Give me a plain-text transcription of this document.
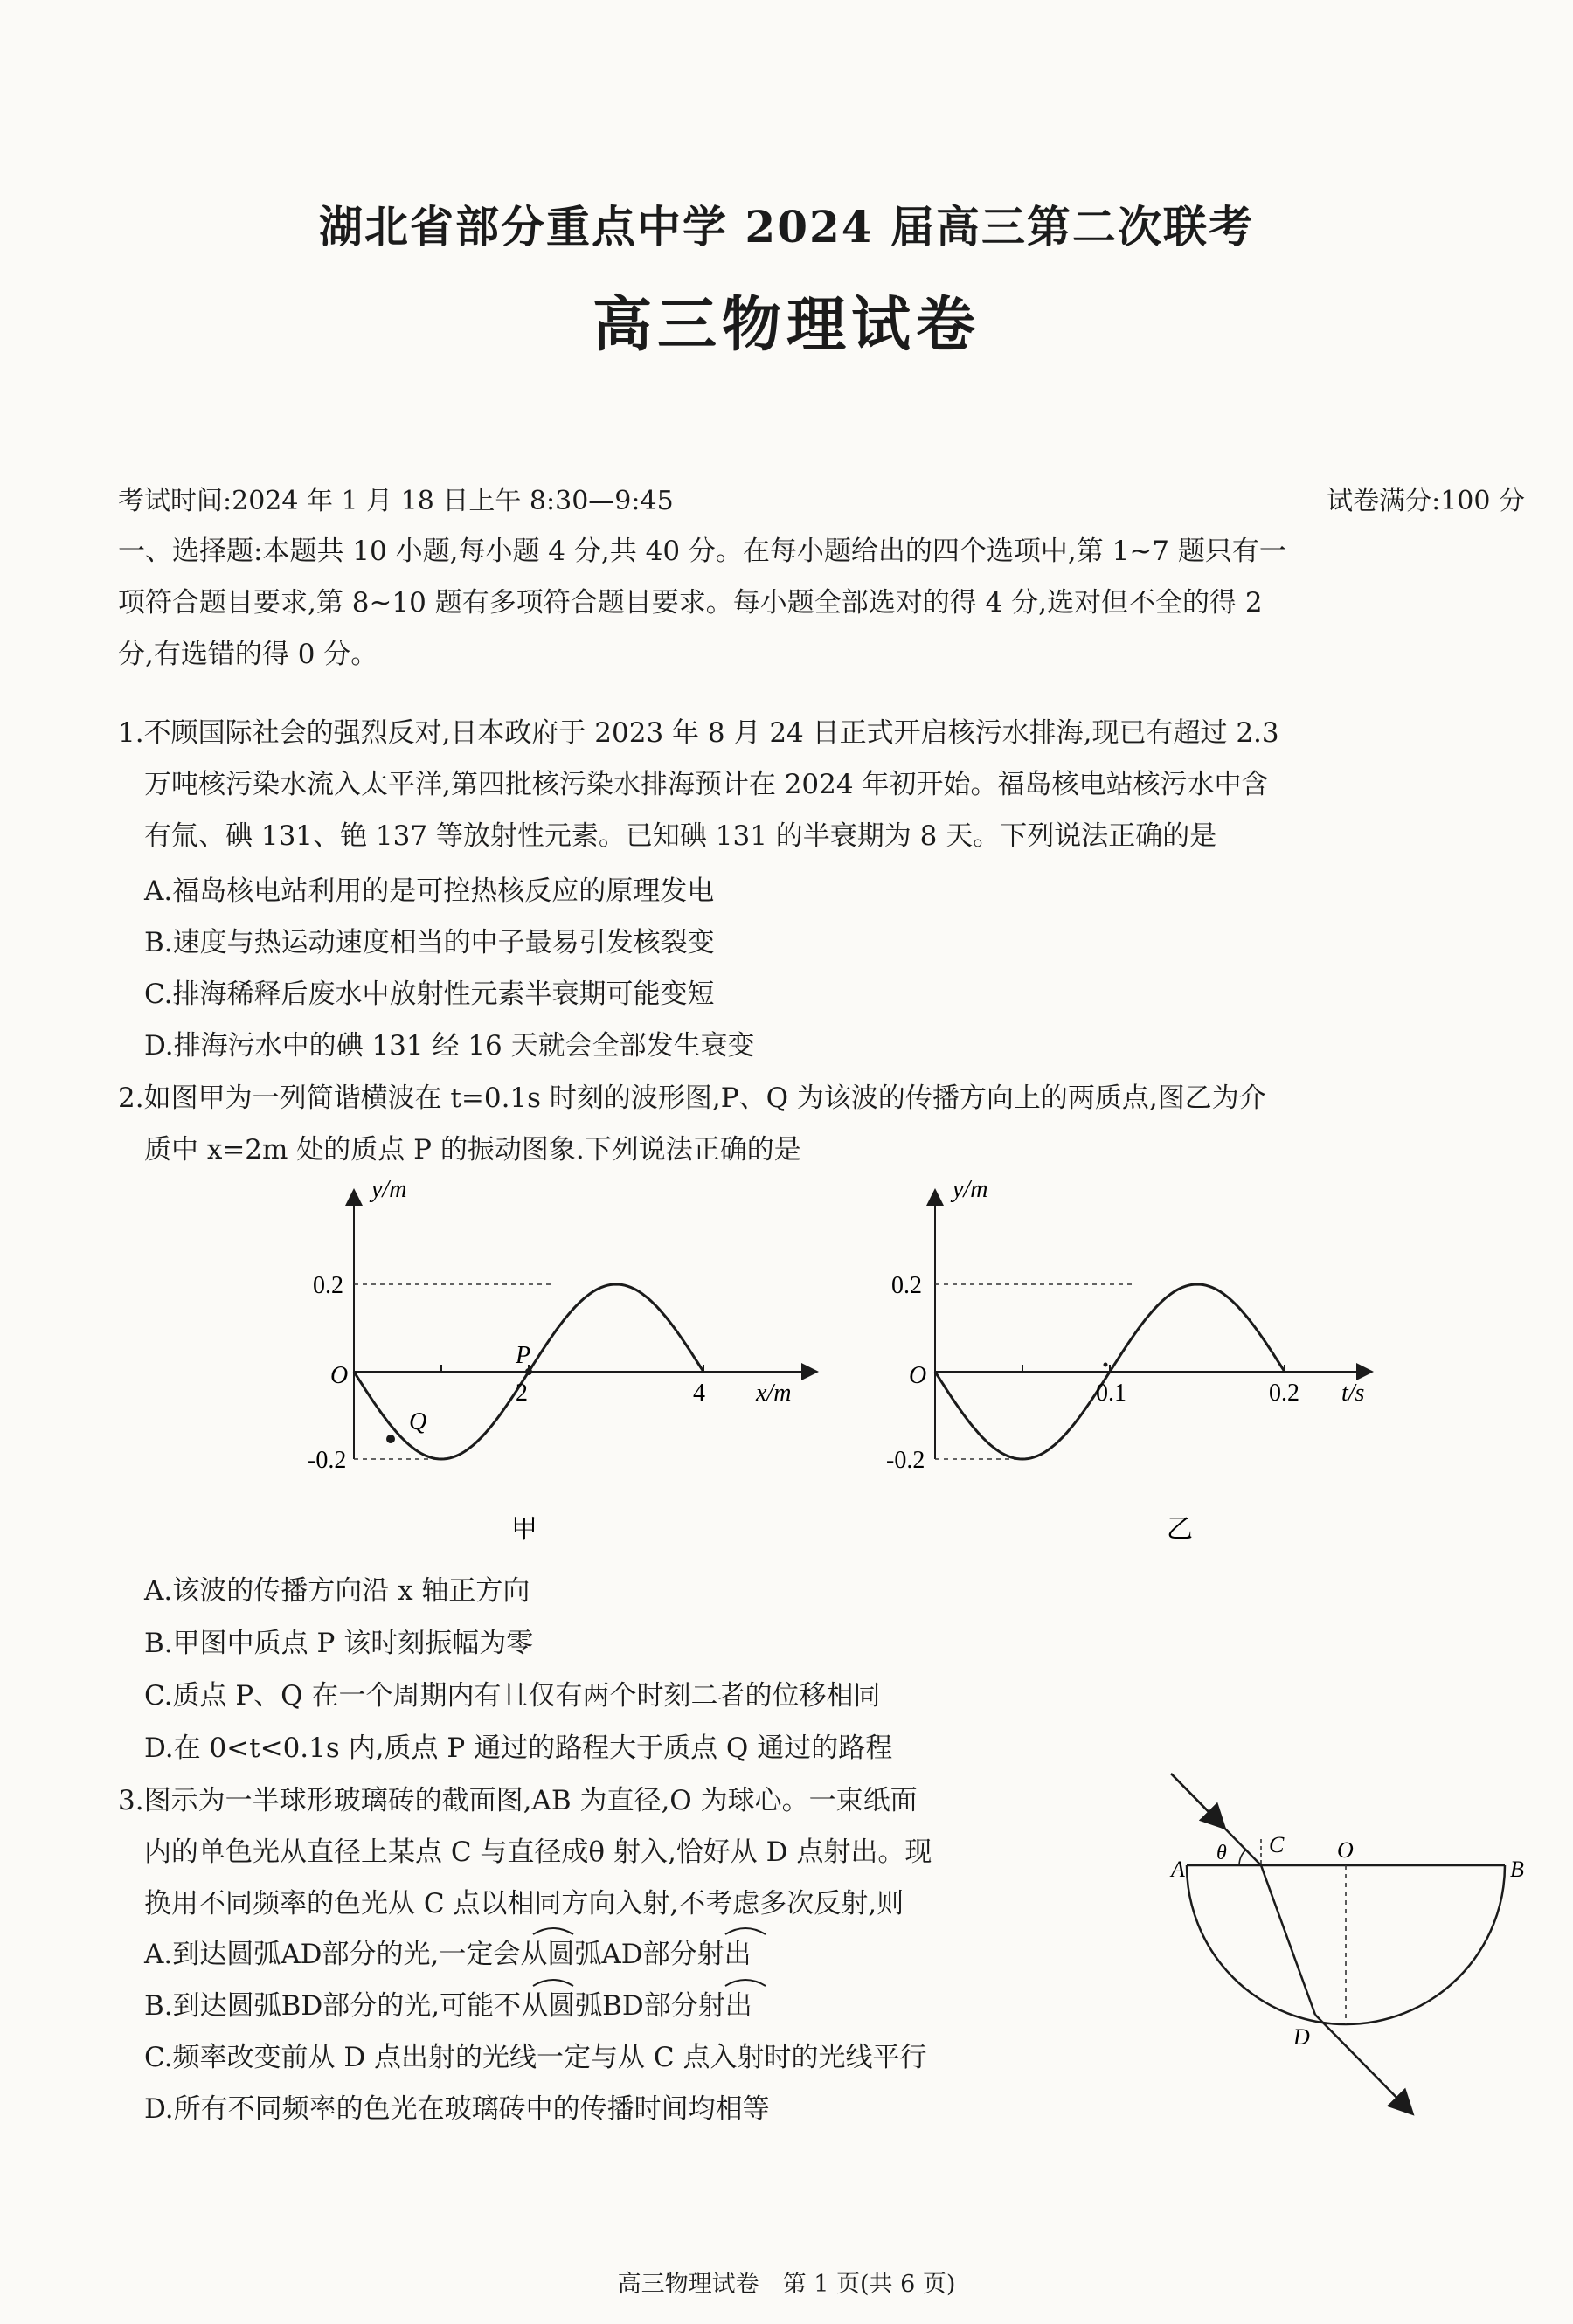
湖北省部分重点中学 2024 届高三第二次联考
高三物理试卷
考试时间:2024 年 1 月 18 日上午 8:30—9:45	试卷满分:100 分
一、选择题:本题共 10 小题,每小题 4 分,共 40 分。在每小题给出的四个选项中,第 1~7 题只有一
项符合题目要求,第 8~10 题有多项符合题目要求。每小题全部选对的得 4 分,选对但不全的得 2
分,有选错的得 0 分。
1.不顾国际社会的强烈反对,日本政府于 2023 年 8 月 24 日正式开启核污水排海,现已有超过 2.3
万吨核污染水流入太平洋,第四批核污染水排海预计在 2024 年初开始。福岛核电站核污水中含
有氚、碘 131、铯 137 等放射性元素。已知碘 131 的半衰期为 8 天。下列说法正确的是
A.福岛核电站利用的是可控热核反应的原理发电
B.速度与热运动速度相当的中子最易引发核裂变
C.排海稀释后废水中放射性元素半衰期可能变短
D.排海污水中的碘 131 经 16 天就会全部发生衰变
2.如图甲为一列简谐横波在 t=0.1s 时刻的波形图,P、Q 为该波的传播方向上的两质点,图乙为介
质中 x=2m 处的质点 P 的振动图象.下列说法正确的是
y/m
0.2
-0.2
O
2	4 x/m
P
Q
甲
y/m
0.2
-0.2
O
0.1	0.2 t/s
乙
A.该波的传播方向沿 x 轴正方向
B.甲图中质点 P 该时刻振幅为零
C.质点 P、Q 在一个周期内有且仅有两个时刻二者的位移相同
D.在 0<t<0.1s 内,质点 P 通过的路程大于质点 Q 通过的路程
3.图示为一半球形玻璃砖的截面图,AB 为直径,O 为球心。一束纸面
内的单色光从直径上某点 C 与直径成θ 射入,恰好从 D 点射出。现
换用不同频率的色光从 C 点以相同方向入射,不考虑多次反射,则
A.到达圆弧AD部分的光,一定会从圆弧AD部分射出
B.到达圆弧BD部分的光,可能不从圆弧BD部分射出
C.频率改变前从 D 点出射的光线一定与从 C 点入射时的光线平行
D.所有不同频率的色光在玻璃砖中的传播时间均相等
A	B
C O
D
θ
高三物理试卷　第 1 页(共 6 页)
